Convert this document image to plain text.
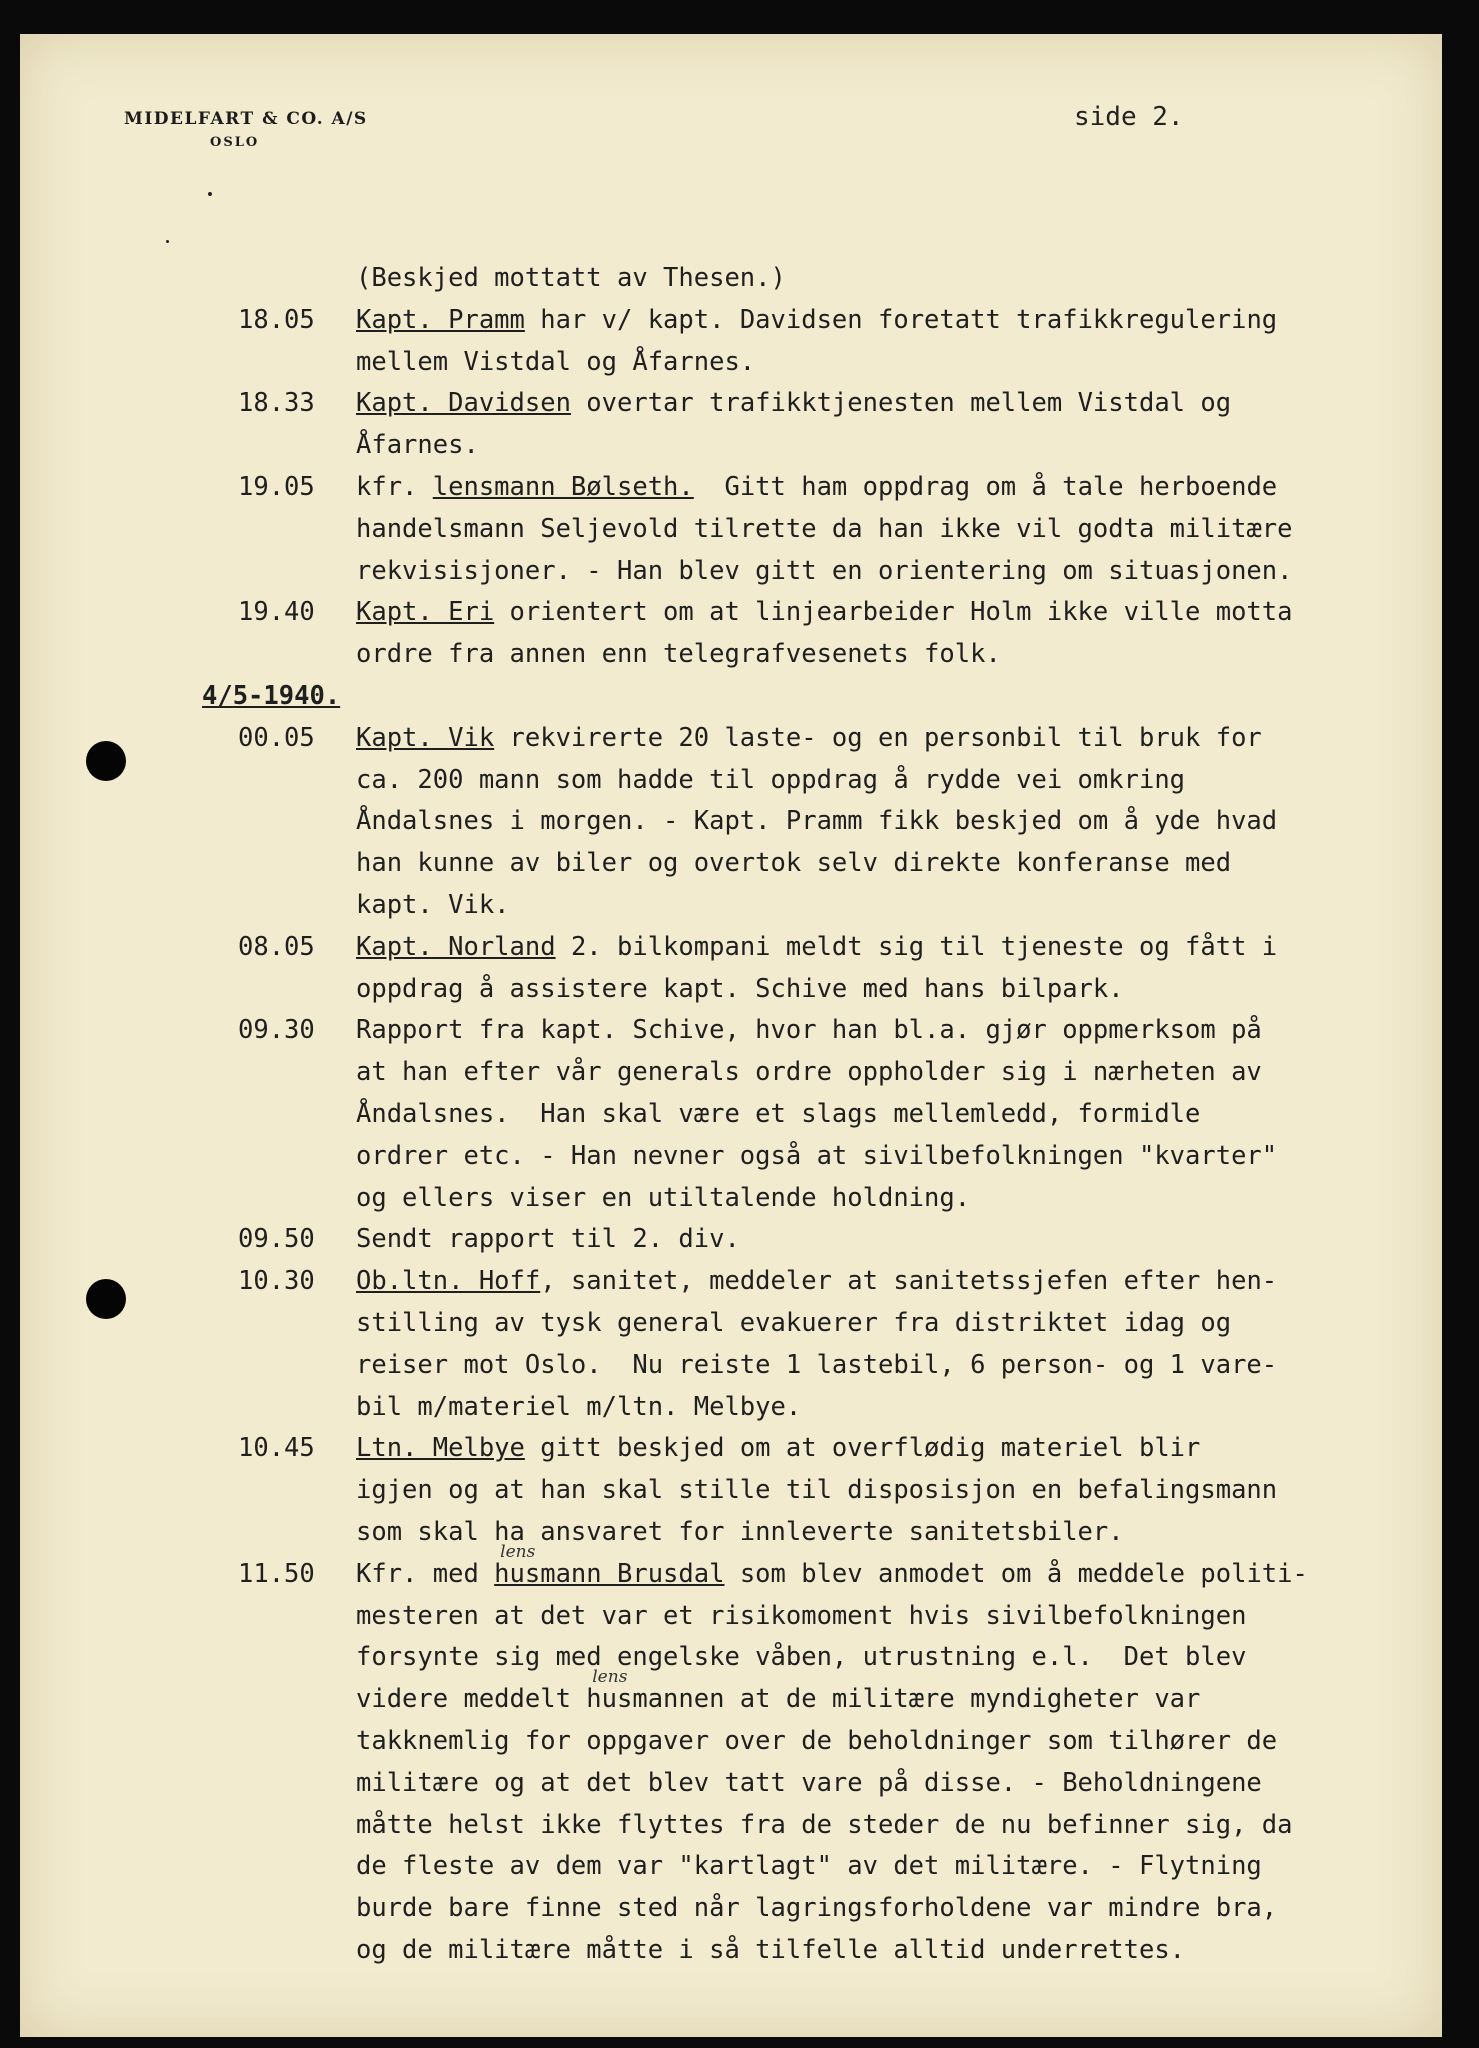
MIDELFART & CO. A/S
OSLO
side 2.
(Beskjed mottatt av Thesen.)
18.05	Kapt. Pramm har v/ kapt. Davidsen foretatt trafikkregulering
mellem Vistdal og Åfarnes.
18.33	Kapt. Davidsen overtar trafikktjenesten mellem Vistdal og
Åfarnes.
19.05	kfr. lensmann Bølseth.  Gitt ham oppdrag om å tale herboende
handelsmann Seljevold tilrette da han ikke vil godta militære
rekvisisjoner. - Han blev gitt en orientering om situasjonen.
19.40	Kapt. Eri orientert om at linjearbeider Holm ikke ville motta
ordre fra annen enn telegrafvesenets folk.
4/5-1940.
00.05	Kapt. Vik rekvirerte 20 laste- og en personbil til bruk for
ca. 200 mann som hadde til oppdrag å rydde vei omkring
Åndalsnes i morgen. - Kapt. Pramm fikk beskjed om å yde hvad
han kunne av biler og overtok selv direkte konferanse med
kapt. Vik.
08.05	Kapt. Norland 2. bilkompani meldt sig til tjeneste og fått i
oppdrag å assistere kapt. Schive med hans bilpark.
09.30	Rapport fra kapt. Schive, hvor han bl.a. gjør oppmerksom på
at han efter vår generals ordre oppholder sig i nærheten av
Åndalsnes.  Han skal være et slags mellemledd, formidle
ordrer etc. - Han nevner også at sivilbefolkningen "kvarter"
og ellers viser en utiltalende holdning.
09.50	Sendt rapport til 2. div.
10.30	Ob.ltn. Hoff, sanitet, meddeler at sanitetssjefen efter hen-
stilling av tysk general evakuerer fra distriktet idag og
reiser mot Oslo.  Nu reiste 1 lastebil, 6 person- og 1 vare-
bil m/materiel m/ltn. Melbye.
10.45	Ltn. Melbye gitt beskjed om at overflødig materiel blir
igjen og at han skal stille til disposisjon en befalingsmann
som skal ha ansvaret for innleverte sanitetsbiler.
11.50	Kfr. med husmann Brusdal som blev anmodet om å meddele politi-
lens
mesteren at det var et risikomoment hvis sivilbefolkningen
forsynte sig med engelske våben, utrustning e.l.  Det blev
videre meddelt husmannen at de militære myndigheter var
lens
takknemlig for oppgaver over de beholdninger som tilhører de
militære og at det blev tatt vare på disse. - Beholdningene
måtte helst ikke flyttes fra de steder de nu befinner sig, da
de fleste av dem var "kartlagt" av det militære. - Flytning
burde bare finne sted når lagringsforholdene var mindre bra,
og de militære måtte i så tilfelle alltid underrettes.
